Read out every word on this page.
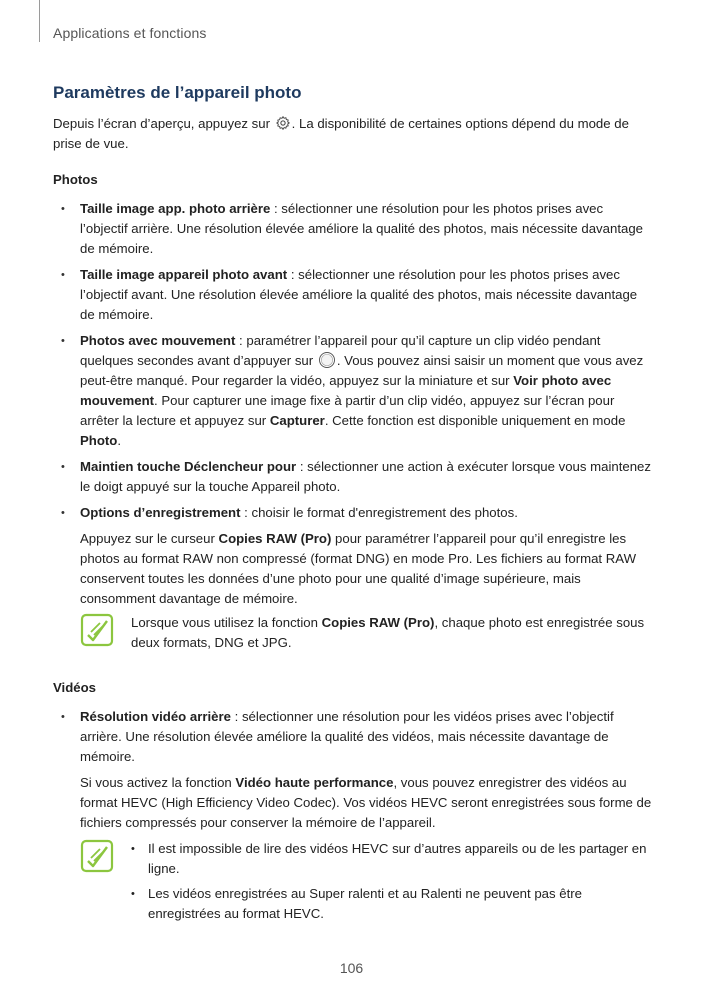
Applications et fonctions
Paramètres de l’appareil photo
Depuis l’écran d’aperçu, appuyez sur . La disponibilité de certaines options dépend du mode de prise de vue.
Photos
• Taille image app. photo arrière : sélectionner une résolution pour les photos prises avec l’objectif arrière. Une résolution élevée améliore la qualité des photos, mais nécessite davantage de mémoire.
• Taille image appareil photo avant : sélectionner une résolution pour les photos prises avec l’objectif avant. Une résolution élevée améliore la qualité des photos, mais nécessite davantage de mémoire.
• Photos avec mouvement : paramétrer l’appareil pour qu’il capture un clip vidéo pendant quelques secondes avant d’appuyer sur . Vous pouvez ainsi saisir un moment que vous avez peut-être manqué. Pour regarder la vidéo, appuyez sur la miniature et sur Voir photo avec mouvement. Pour capturer une image fixe à partir d’un clip vidéo, appuyez sur l’écran pour arrêter la lecture et appuyez sur Capturer. Cette fonction est disponible uniquement en mode Photo.
• Maintien touche Déclencheur pour : sélectionner une action à exécuter lorsque vous maintenez le doigt appuyé sur la touche Appareil photo.
• Options d’enregistrement : choisir le format d'enregistrement des photos.
Appuyez sur le curseur Copies RAW (Pro) pour paramétrer l’appareil pour qu’il enregistre les photos au format RAW non compressé (format DNG) en mode Pro. Les fichiers au format RAW conservent toutes les données d’une photo pour une qualité d’image supérieure, mais consomment davantage de mémoire.
Lorsque vous utilisez la fonction Copies RAW (Pro), chaque photo est enregistrée sous deux formats, DNG et JPG.
Vidéos
• Résolution vidéo arrière : sélectionner une résolution pour les vidéos prises avec l’objectif arrière. Une résolution élevée améliore la qualité des vidéos, mais nécessite davantage de mémoire.
Si vous activez la fonction Vidéo haute performance, vous pouvez enregistrer des vidéos au format HEVC (High Efficiency Video Codec). Vos vidéos HEVC seront enregistrées sous forme de fichiers compressés pour conserver la mémoire de l’appareil.
• Il est impossible de lire des vidéos HEVC sur d’autres appareils ou de les partager en ligne.
• Les vidéos enregistrées au Super ralenti et au Ralenti ne peuvent pas être enregistrées au format HEVC.
106
